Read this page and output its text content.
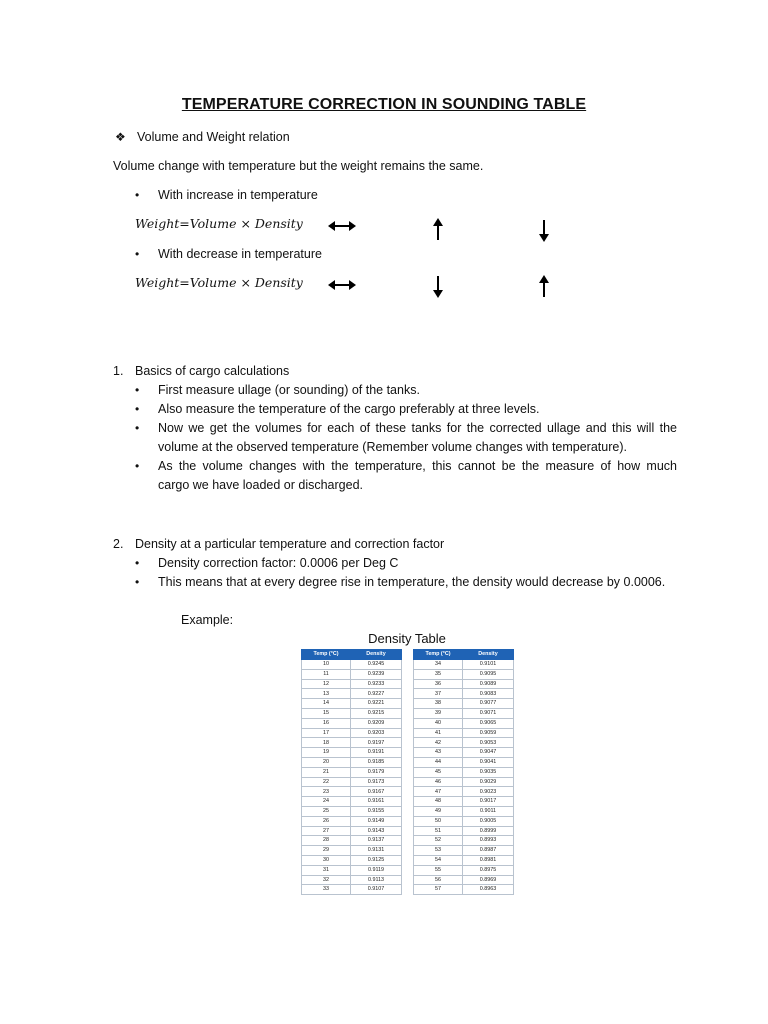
TEMPERATURE CORRECTION IN SOUNDING TABLE
❖ Volume and Weight relation
Volume change with temperature but the weight remains the same.
• With increase in temperature
Weight=Volume × Density
• With decrease in temperature
Weight=Volume × Density
1. Basics of cargo calculations
• First measure ullage (or sounding) of the tanks.
• Also measure the temperature of the cargo preferably at three levels.
• Now we get the volumes for each of these tanks for the corrected ullage and this will the
volume at the observed temperature (Remember volume changes with temperature).
• As the volume changes with the temperature, this cannot be the measure of how much
cargo we have loaded or discharged.
2. Density at a particular temperature and correction factor
• Density correction factor: 0.0006 per Deg C
• This means that at every degree rise in temperature, the density would decrease by 0.0006.
Example:
Density Table
Temp (°C)	Density
10	0.9245
11	0.9239
12	0.9233
13	0.9227
14	0.9221
15	0.9215
16	0.9209
17	0.9203
18	0.9197
19	0.9191
20	0.9185
21	0.9179
22	0.9173
23	0.9167
24	0.9161
25	0.9155
26	0.9149
27	0.9143
28	0.9137
29	0.9131
30	0.9125
31	0.9119
32	0.9113
33	0.9107
Temp (°C)	Density
34	0.9101
35	0.9095
36	0.9089
37	0.9083
38	0.9077
39	0.9071
40	0.9065
41	0.9059
42	0.9053
43	0.9047
44	0.9041
45	0.9035
46	0.9029
47	0.9023
48	0.9017
49	0.9011
50	0.9005
51	0.8999
52	0.8993
53	0.8987
54	0.8981
55	0.8975
56	0.8969
57	0.8963
